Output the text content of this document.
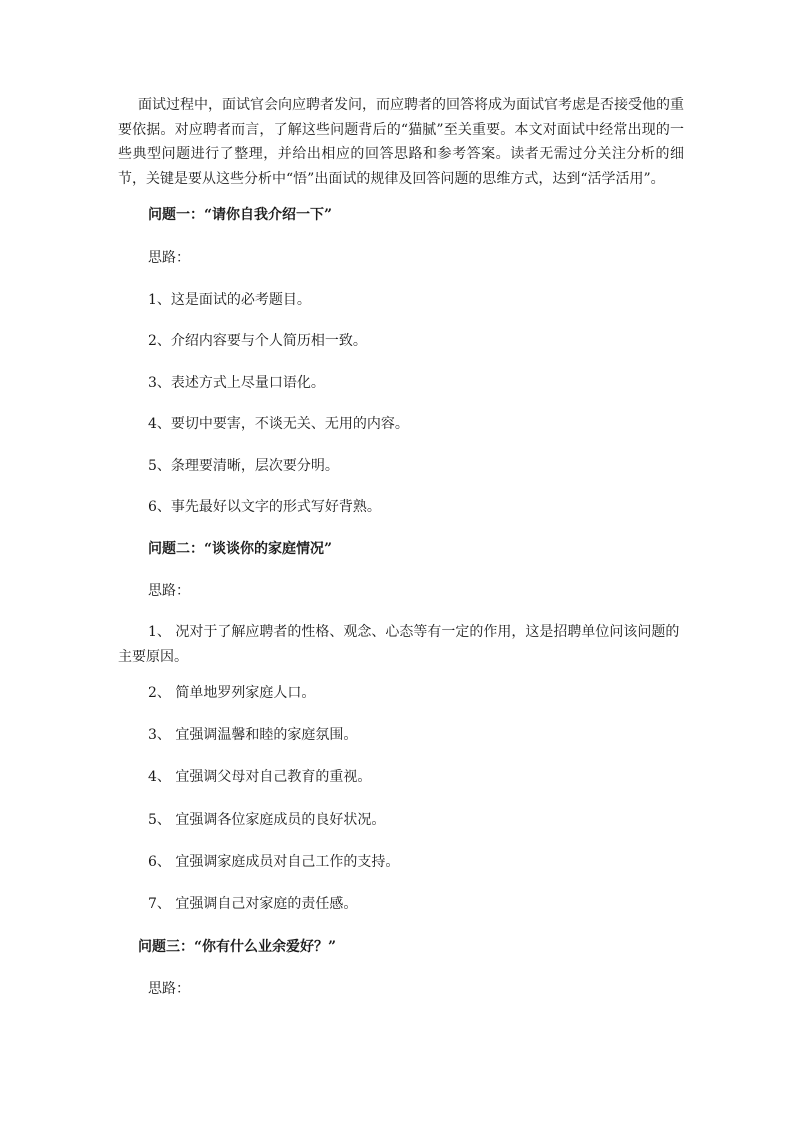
面试过程中，面试官会向应聘者发问，而应聘者的回答将成为面试官考虑是否接受他的重要依据。对应聘者而言，了解这些问题背后的“猫腻”至关重要。本文对面试中经常出现的一些典型问题进行了整理，并给出相应的回答思路和参考答案。读者无需过分关注分析的细节，关键是要从这些分析中“悟”出面试的规律及回答问题的思维方式，达到“活学活用”。

问题一：“请你自我介绍一下”

思路：

1、这是面试的必考题目。

2、介绍内容要与个人简历相一致。

3、表述方式上尽量口语化。

4、要切中要害，不谈无关、无用的内容。

5、条理要清晰，层次要分明。

6、事先最好以文字的形式写好背熟。

问题二：“谈谈你的家庭情况”

思路：

1、 况对于了解应聘者的性格、观念、心态等有一定的作用，这是招聘单位问该问题的主要原因。

2、 简单地罗列家庭人口。

3、 宜强调温馨和睦的家庭氛围。

4、 宜强调父母对自己教育的重视。

5、 宜强调各位家庭成员的良好状况。

6、 宜强调家庭成员对自己工作的支持。

7、 宜强调自己对家庭的责任感。

问题三：“你有什么业余爱好？”

思路：
